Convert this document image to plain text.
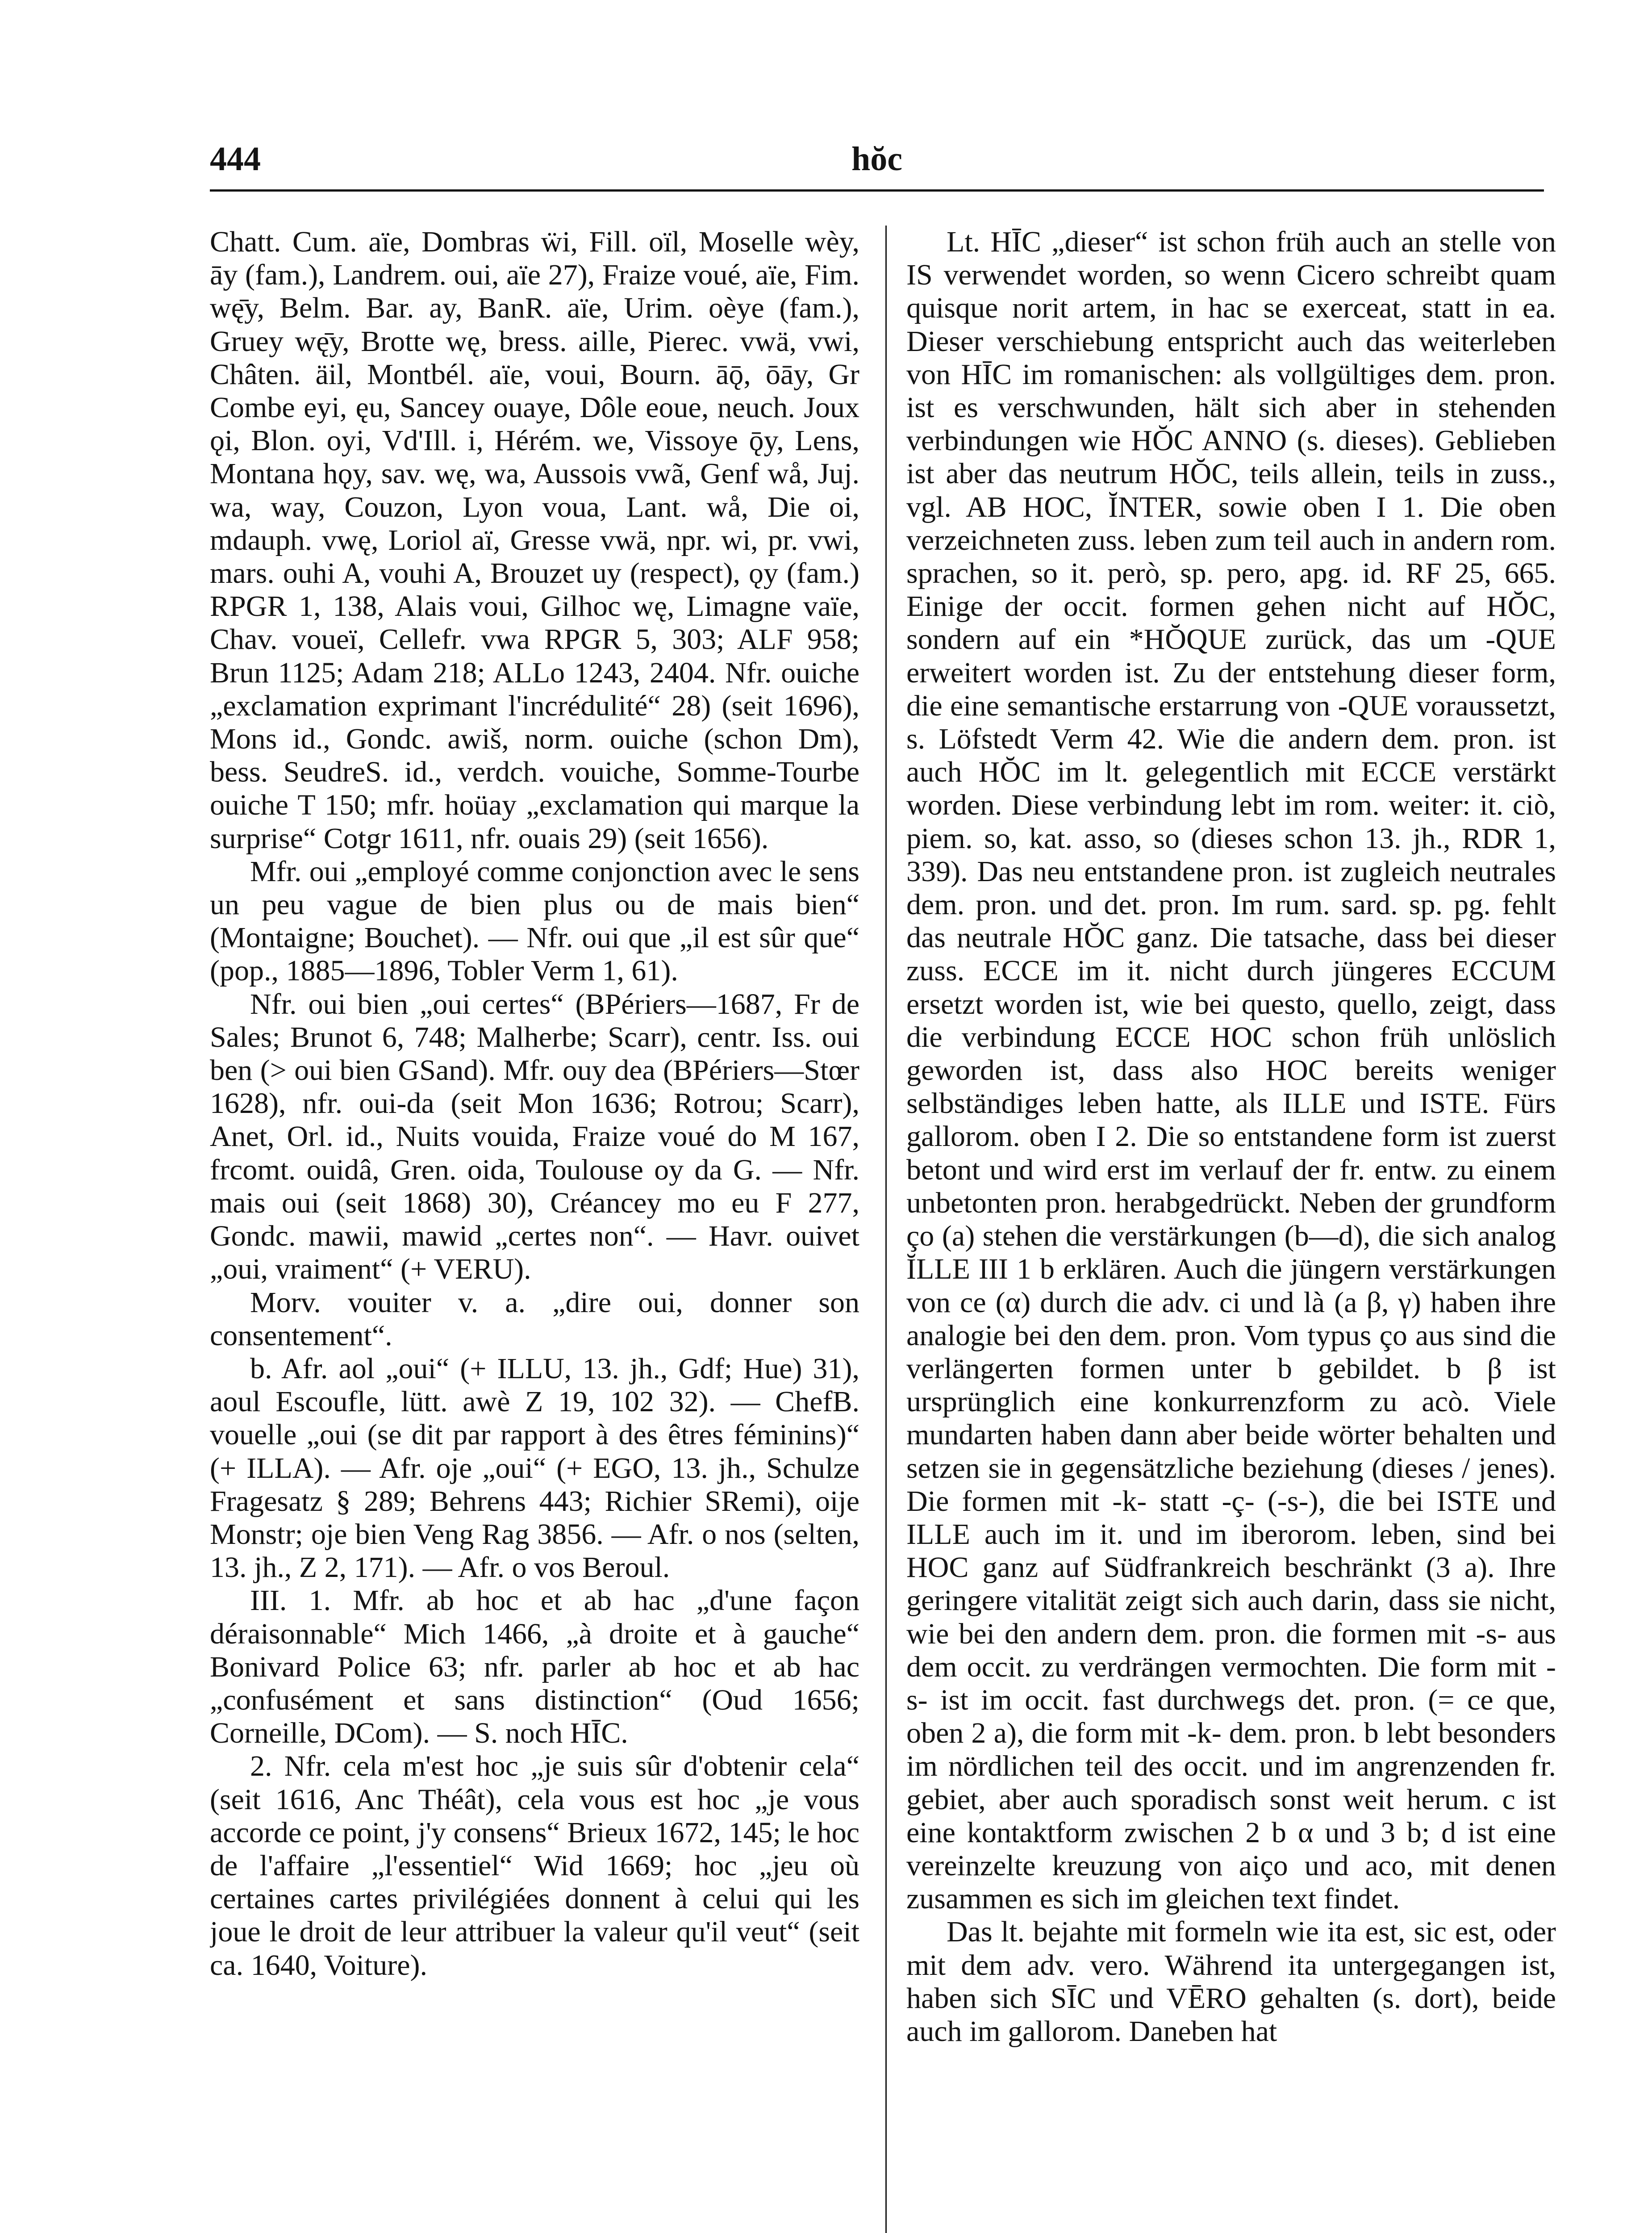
444	hŏc

Chatt. Cum. aïe, Dombras ẅi, Fill. oïl, Moselle wèy, āy (fam.), Landrem. oui, aïe 27), Fraize voué, aïe, Fim. wę̄y, Belm. Bar. ay, BanR. aïe, Urim. oèye (fam.), Gruey wę̄y, Brotte wę, bress. aille, Pierec. vwä, vwi, Châten. äil, Montbél. aïe, voui, Bourn. āǭ, ōāy, Gr Combe eyi, ęu, Sancey ouaye, Dôle eoue, neuch. Joux ǫi, Blon. oyi, Vd'Ill. i, Hérém. we, Vissoye ǭy, Lens, Montana hǫy, sav. wę, wa, Aussois vwã, Genf wå, Juj. wa, way, Couzon, Lyon voua, Lant. wå, Die oi, mdauph. vwę, Loriol aï, Gresse vwä, npr. wi, pr. vwi, mars. ouhi A, vouhi A, Brouzet uy (respect), ǫy (fam.) RPGR 1, 138, Alais voui, Gilhoc wę, Limagne vaïe, Chav. voueï, Cellefr. vwa RPGR 5, 303; ALF 958; Brun 1125; Adam 218; ALLo 1243, 2404. Nfr. ouiche „exclamation exprimant l'incrédulité“ 28) (seit 1696), Mons id., Gondc. awiš, norm. ouiche (schon Dm), bess. SeudreS. id., verdch. vouiche, Somme-Tourbe ouiche T 150; mfr. hoüay „exclamation qui marque la surprise“ Cotgr 1611, nfr. ouais 29) (seit 1656).

Mfr. oui „employé comme conjonction avec le sens un peu vague de bien plus ou de mais bien“ (Montaigne; Bouchet). — Nfr. oui que „il est sûr que“ (pop., 1885—1896, Tobler Verm 1, 61).

Nfr. oui bien „oui certes“ (BPériers—1687, Fr de Sales; Brunot 6, 748; Malherbe; Scarr), centr. Iss. oui ben (> oui bien GSand). Mfr. ouy dea (BPériers—Stœr 1628), nfr. oui-da (seit Mon 1636; Rotrou; Scarr), Anet, Orl. id., Nuits vouida, Fraize voué do M 167, frcomt. ouidâ, Gren. oida, Toulouse oy da G. — Nfr. mais oui (seit 1868) 30), Créancey mo eu F 277, Gondc. mawii, mawid „certes non“. — Havr. ouivet „oui, vraiment“ (+ VERU).

Morv. vouiter v. a. „dire oui, donner son consentement“.

b. Afr. aol „oui“ (+ ILLU, 13. jh., Gdf; Hue) 31), aoul Escoufle, lütt. awè Z 19, 102 32). — ChefB. vouelle „oui (se dit par rapport à des êtres féminins)“ (+ ILLA). — Afr. oje „oui“ (+ EGO, 13. jh., Schulze Fragesatz § 289; Behrens 443; Richier SRemi), oije Monstr; oje bien Veng Rag 3856. — Afr. o nos (selten, 13. jh., Z 2, 171). — Afr. o vos Beroul.

III. 1. Mfr. ab hoc et ab hac „d'une façon déraisonnable“ Mich 1466, „à droite et à gauche“ Bonivard Police 63; nfr. parler ab hoc et ab hac „confusément et sans distinction“ (Oud 1656; Corneille, DCom). — S. noch HĪC.

2. Nfr. cela m'est hoc „je suis sûr d'obtenir cela“ (seit 1616, Anc Théât), cela vous est hoc „je vous accorde ce point, j'y consens“ Brieux 1672, 145; le hoc de l'affaire „l'essentiel“ Wid 1669; hoc „jeu où certaines cartes privilégiées donnent à celui qui les joue le droit de leur attribuer la valeur qu'il veut“ (seit ca. 1640, Voiture).

Lt. HĪC „dieser“ ist schon früh auch an stelle von IS verwendet worden, so wenn Cicero schreibt quam quisque norit artem, in hac se exerceat, statt in ea. Dieser verschiebung entspricht auch das weiterleben von HĪC im romanischen: als vollgültiges dem. pron. ist es verschwunden, hält sich aber in stehenden verbindungen wie HŎC ANNO (s. dieses). Geblieben ist aber das neutrum HŎC, teils allein, teils in zuss., vgl. AB HOC, ĬNTER, sowie oben I 1. Die oben verzeichneten zuss. leben zum teil auch in andern rom. sprachen, so it. però, sp. pero, apg. id. RF 25, 665. Einige der occit. formen gehen nicht auf HŎC, sondern auf ein *HŎQUE zurück, das um -QUE erweitert worden ist. Zu der entstehung dieser form, die eine semantische erstarrung von -QUE voraussetzt, s. Löfstedt Verm 42. Wie die andern dem. pron. ist auch HŎC im lt. gelegentlich mit ECCE verstärkt worden. Diese verbindung lebt im rom. weiter: it. ciò, piem. so, kat. asso, so (dieses schon 13. jh., RDR 1, 339). Das neu entstandene pron. ist zugleich neutrales dem. pron. und det. pron. Im rum. sard. sp. pg. fehlt das neutrale HŎC ganz. Die tatsache, dass bei dieser zuss. ECCE im it. nicht durch jüngeres ECCUM ersetzt worden ist, wie bei questo, quello, zeigt, dass die verbindung ECCE HOC schon früh unlöslich geworden ist, dass also HOC bereits weniger selbständiges leben hatte, als ILLE und ISTE. Fürs gallorom. oben I 2. Die so entstandene form ist zuerst betont und wird erst im verlauf der fr. entw. zu einem unbetonten pron. herabgedrückt. Neben der grundform ço (a) stehen die verstärkungen (b—d), die sich analog ĬLLE III 1 b erklären. Auch die jüngern verstärkungen von ce (α) durch die adv. ci und là (a β, γ) haben ihre analogie bei den dem. pron. Vom typus ço aus sind die verlängerten formen unter b gebildet. b β ist ursprünglich eine konkurrenzform zu acò. Viele mundarten haben dann aber beide wörter behalten und setzen sie in gegensätzliche beziehung (dieses / jenes). Die formen mit -k- statt -ç- (-s-), die bei ISTE und ILLE auch im it. und im iberorom. leben, sind bei HOC ganz auf Südfrankreich beschränkt (3 a). Ihre geringere vitalität zeigt sich auch darin, dass sie nicht, wie bei den andern dem. pron. die formen mit -s- aus dem occit. zu verdrängen vermochten. Die form mit -s- ist im occit. fast durchwegs det. pron. (= ce que, oben 2 a), die form mit -k- dem. pron. b lebt besonders im nördlichen teil des occit. und im angrenzenden fr. gebiet, aber auch sporadisch sonst weit herum. c ist eine kontaktform zwischen 2 b α und 3 b; d ist eine vereinzelte kreuzung von aiço und aco, mit denen zusammen es sich im gleichen text findet.

Das lt. bejahte mit formeln wie ita est, sic est, oder mit dem adv. vero. Während ita untergegangen ist, haben sich SĪC und VĒRO gehalten (s. dort), beide auch im gallorom. Daneben hat
